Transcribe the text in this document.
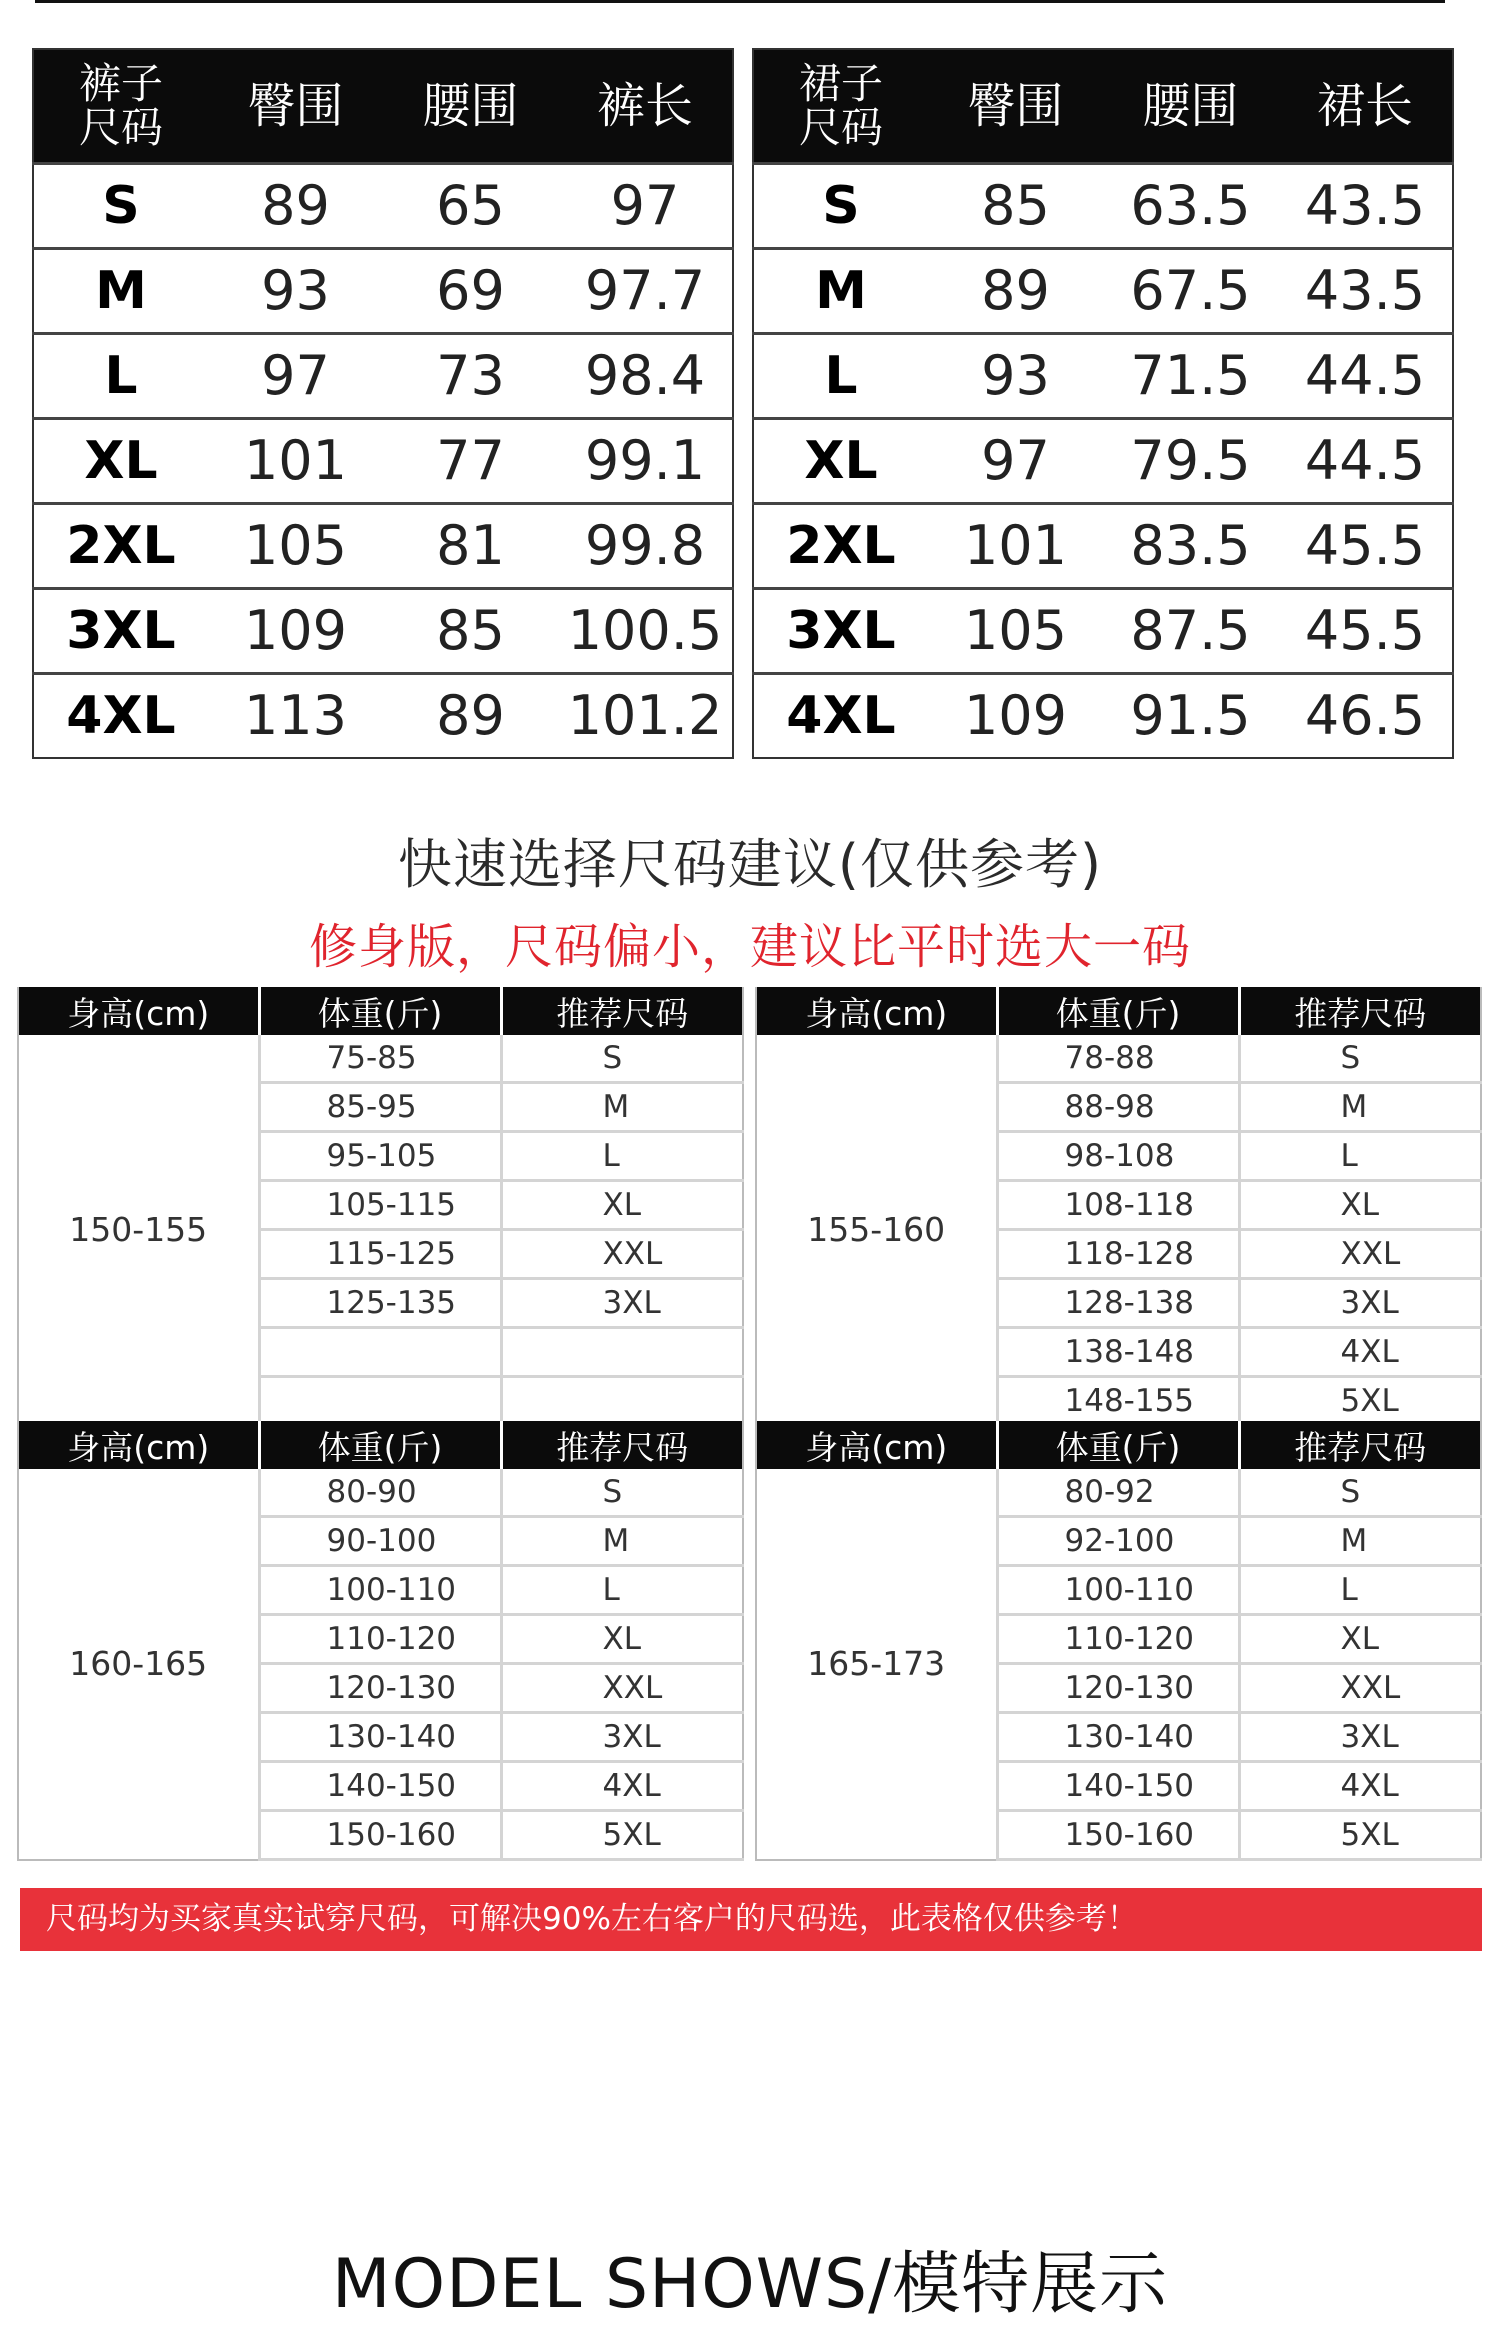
裤子
尺码	臀围	腰围	裤长
S	89	65	97
M	93	69	97.7
L	97	73	98.4
XL	101	77	99.1
2XL	105	81	99.8
3XL	109	85	100.5
4XL	113	89	101.2
裙子
尺码	臀围	腰围	裙长
S	85	63.5	43.5
M	89	67.5	43.5
L	93	71.5	44.5
XL	97	79.5	44.5
2XL	101	83.5	45.5
3XL	105	87.5	45.5
4XL	109	91.5	46.5
快速选择尺码建议(仅供参考)
修身版，尺码偏小，建议比平时选大一码
身高(cm)	体重(斤)	推荐尺码
150-155	75-85	S
	85-95	M
	95-105	L
	105-115	XL
	115-125	XXL
	125-135	3XL

身高(cm)	体重(斤)	推荐尺码
155-160	78-88	S
	88-98	M
	98-108	L
	108-118	XL
	118-128	XXL
	128-138	3XL
	138-148	4XL
	148-155	5XL
身高(cm)	体重(斤)	推荐尺码
160-165	80-90	S
	90-100	M
	100-110	L
	110-120	XL
	120-130	XXL
	130-140	3XL
	140-150	4XL
	150-160	5XL
身高(cm)	体重(斤)	推荐尺码
165-173	80-92	S
	92-100	M
	100-110	L
	110-120	XL
	120-130	XXL
	130-140	3XL
	140-150	4XL
	150-160	5XL
尺码均为买家真实试穿尺码，可解决90%左右客户的尺码选，此表格仅供参考！
MODEL SHOWS/模特展示
